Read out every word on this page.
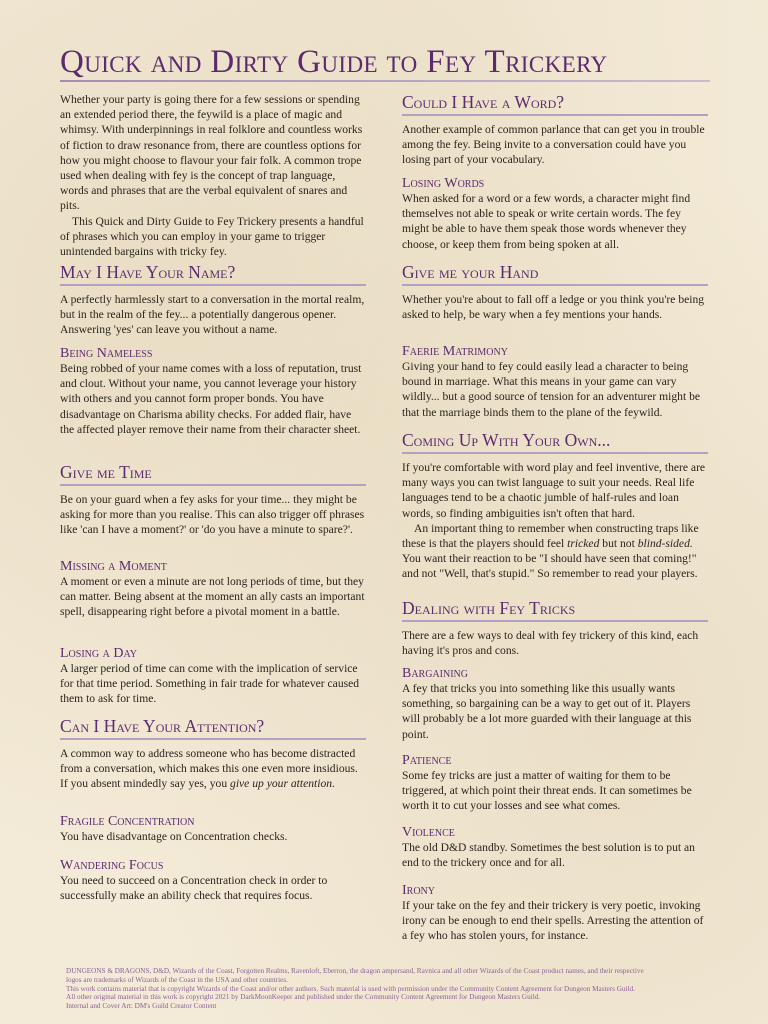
Quick and Dirty Guide to Fey Trickery

Whether your party is going there for a few sessions or spending an extended period there, the feywild is a place of magic and whimsy. With underpinnings in real folklore and countless works of fiction to draw resonance from, there are countless options for how you might choose to flavour your fair folk. A common trope used when dealing with fey is the concept of trap language, words and phrases that are the verbal equivalent of snares and pits.

This Quick and Dirty Guide to Fey Trickery presents a handful of phrases which you can employ in your game to trigger unintended bargains with tricky fey.

May I Have Your Name?

A perfectly harmlessly start to a conversation in the mortal realm, but in the realm of the fey... a potentially dangerous opener. Answering 'yes' can leave you without a name.

Being Nameless

Being robbed of your name comes with a loss of reputation, trust and clout. Without your name, you cannot leverage your history with others and you cannot form proper bonds. You have disadvantage on Charisma ability checks. For added flair, have the affected player remove their name from their character sheet.

Give me Time

Be on your guard when a fey asks for your time... they might be asking for more than you realise. This can also trigger off phrases like 'can I have a moment?' or 'do you have a minute to spare?'.

Missing a Moment

A moment or even a minute are not long periods of time, but they can matter. Being absent at the moment an ally casts an important spell, disappearing right before a pivotal moment in a battle.

Losing a Day

A larger period of time can come with the implication of service for that time period. Something in fair trade for whatever caused them to ask for time.

Can I Have Your Attention?

A common way to address someone who has become distracted from a conversation, which makes this one even more insidious. If you absent mindedly say yes, you give up your attention.

Fragile Concentration

You have disadvantage on Concentration checks.

Wandering Focus

You need to succeed on a Concentration check in order to successfully make an ability check that requires focus.

Could I Have a Word?

Another example of common parlance that can get you in trouble among the fey. Being invite to a conversation could have you losing part of your vocabulary.

Losing Words

When asked for a word or a few words, a character might find themselves not able to speak or write certain words. The fey might be able to have them speak those words whenever they choose, or keep them from being spoken at all.

Give me your Hand

Whether you're about to fall off a ledge or you think you're being asked to help, be wary when a fey mentions your hands.

Faerie Matrimony

Giving your hand to fey could easily lead a character to being bound in marriage. What this means in your game can vary wildly... but a good source of tension for an adventurer might be that the marriage binds them to the plane of the feywild.

Coming Up With Your Own...

If you're comfortable with word play and feel inventive, there are many ways you can twist language to suit your needs. Real life languages tend to be a chaotic jumble of half-rules and loan words, so finding ambiguities isn't often that hard.

An important thing to remember when constructing traps like these is that the players should feel tricked but not blind-sided. You want their reaction to be "I should have seen that coming!" and not "Well, that's stupid." So remember to read your players.

Dealing with Fey Tricks

There are a few ways to deal with fey trickery of this kind, each having it's pros and cons.

Bargaining

A fey that tricks you into something like this usually wants something, so bargaining can be a way to get out of it. Players will probably be a lot more guarded with their language at this point.

Patience

Some fey tricks are just a matter of waiting for them to be triggered, at which point their threat ends. It can sometimes be worth it to cut your losses and see what comes.

Violence

The old D&D standby. Sometimes the best solution is to put an end to the trickery once and for all.

Irony

If your take on the fey and their trickery is very poetic, invoking irony can be enough to end their spells. Arresting the attention of a fey who has stolen yours, for instance.

DUNGEONS & DRAGONS, D&D, Wizards of the Coast, Forgotten Realms, Ravenloft, Eberron, the dragon ampersand, Ravnica and all other Wizards of the Coast product names, and their respective
logos are trademarks of Wizards of the Coast in the USA and other countries.
This work contains material that is copyright Wizards of the Coast and/or other authors. Such material is used with permission under the Community Content Agreement for Dungeon Masters Guild.
All other original material in this work is copyright 2021 by DarkMoonKeeper and published under the Community Content Agreement for Dungeon Masters Guild.
Internal and Cover Art: DM's Guild Creator Content
